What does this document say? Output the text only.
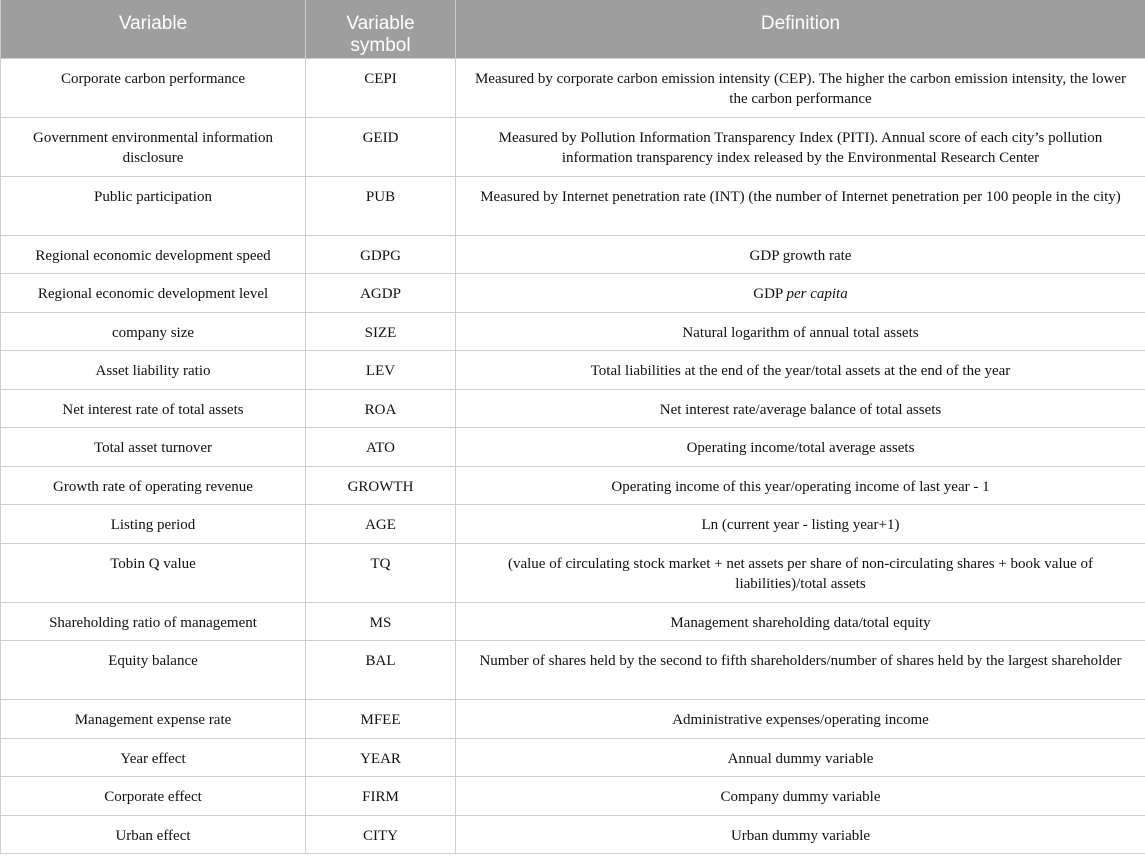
Variable	Variable symbol	Definition
Corporate carbon performance	CEPI	Measured by corporate carbon emission intensity (CEP). The higher the carbon emission intensity, the lower the carbon performance
Government environmental information disclosure	GEID	Measured by Pollution Information Transparency Index (PITI). Annual score of each city’s pollution information transparency index released by the Environmental Research Center
Public participation	PUB	Measured by Internet penetration rate (INT) (the number of Internet penetration per 100 people in the city)
Regional economic development speed	GDPG	GDP growth rate
Regional economic development level	AGDP	GDP per capita
company size	SIZE	Natural logarithm of annual total assets
Asset liability ratio	LEV	Total liabilities at the end of the year/total assets at the end of the year
Net interest rate of total assets	ROA	Net interest rate/average balance of total assets
Total asset turnover	ATO	Operating income/total average assets
Growth rate of operating revenue	GROWTH	Operating income of this year/operating income of last year - 1
Listing period	AGE	Ln (current year - listing year+1)
Tobin Q value	TQ	(value of circulating stock market + net assets per share of non-circulating shares + book value of liabilities)/total assets
Shareholding ratio of management	MS	Management shareholding data/total equity
Equity balance	BAL	Number of shares held by the second to fifth shareholders/number of shares held by the largest shareholder
Management expense rate	MFEE	Administrative expenses/operating income
Year effect	YEAR	Annual dummy variable
Corporate effect	FIRM	Company dummy variable
Urban effect	CITY	Urban dummy variable
